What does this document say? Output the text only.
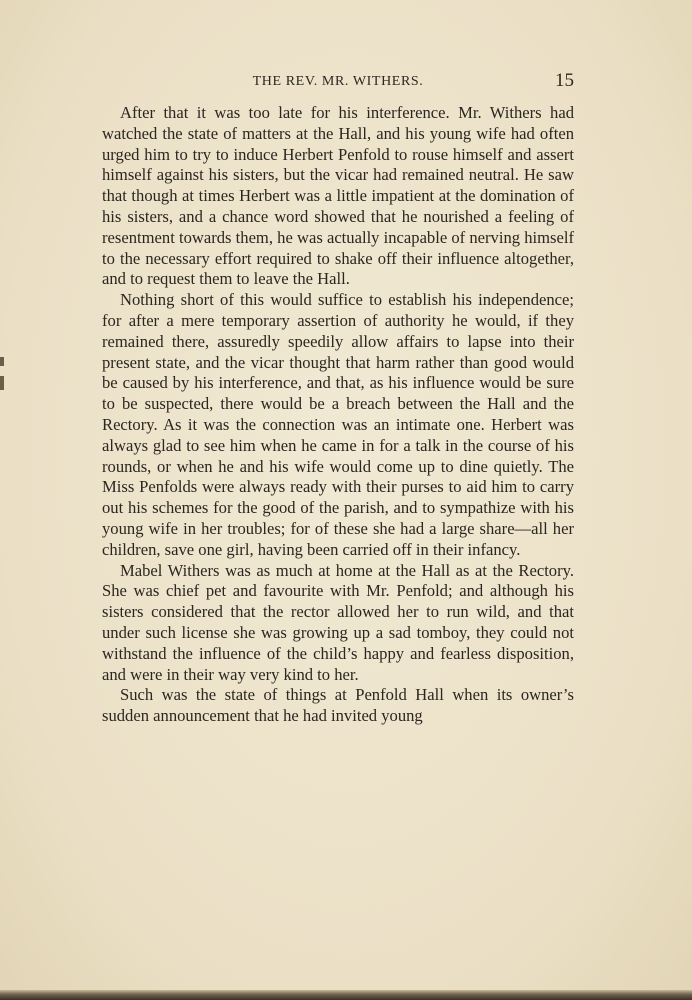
THE REV. MR. WITHERS.	15

After that it was too late for his interference. Mr. Withers had watched the state of matters at the Hall, and his young wife had often urged him to try to induce Herbert Penfold to rouse himself and assert himself against his sisters, but the vicar had remained neutral. He saw that though at times Herbert was a little impatient at the domination of his sisters, and a chance word showed that he nourished a feeling of resentment towards them, he was actually incapable of nerving himself to the necessary effort required to shake off their influence altogether, and to request them to leave the Hall.

Nothing short of this would suffice to establish his independence; for after a mere temporary assertion of authority he would, if they remained there, assuredly speedily allow affairs to lapse into their present state, and the vicar thought that harm rather than good would be caused by his interference, and that, as his influence would be sure to be suspected, there would be a breach between the Hall and the Rectory. As it was the connection was an intimate one. Herbert was always glad to see him when he came in for a talk in the course of his rounds, or when he and his wife would come up to dine quietly. The Miss Penfolds were always ready with their purses to aid him to carry out his schemes for the good of the parish, and to sympathize with his young wife in her troubles; for of these she had a large share—all her children, save one girl, having been carried off in their infancy.

Mabel Withers was as much at home at the Hall as at the Rectory. She was chief pet and favourite with Mr. Penfold; and although his sisters considered that the rector allowed her to run wild, and that under such license she was growing up a sad tomboy, they could not withstand the influence of the child’s happy and fearless disposition, and were in their way very kind to her.

Such was the state of things at Penfold Hall when its owner’s sudden announcement that he had invited young
